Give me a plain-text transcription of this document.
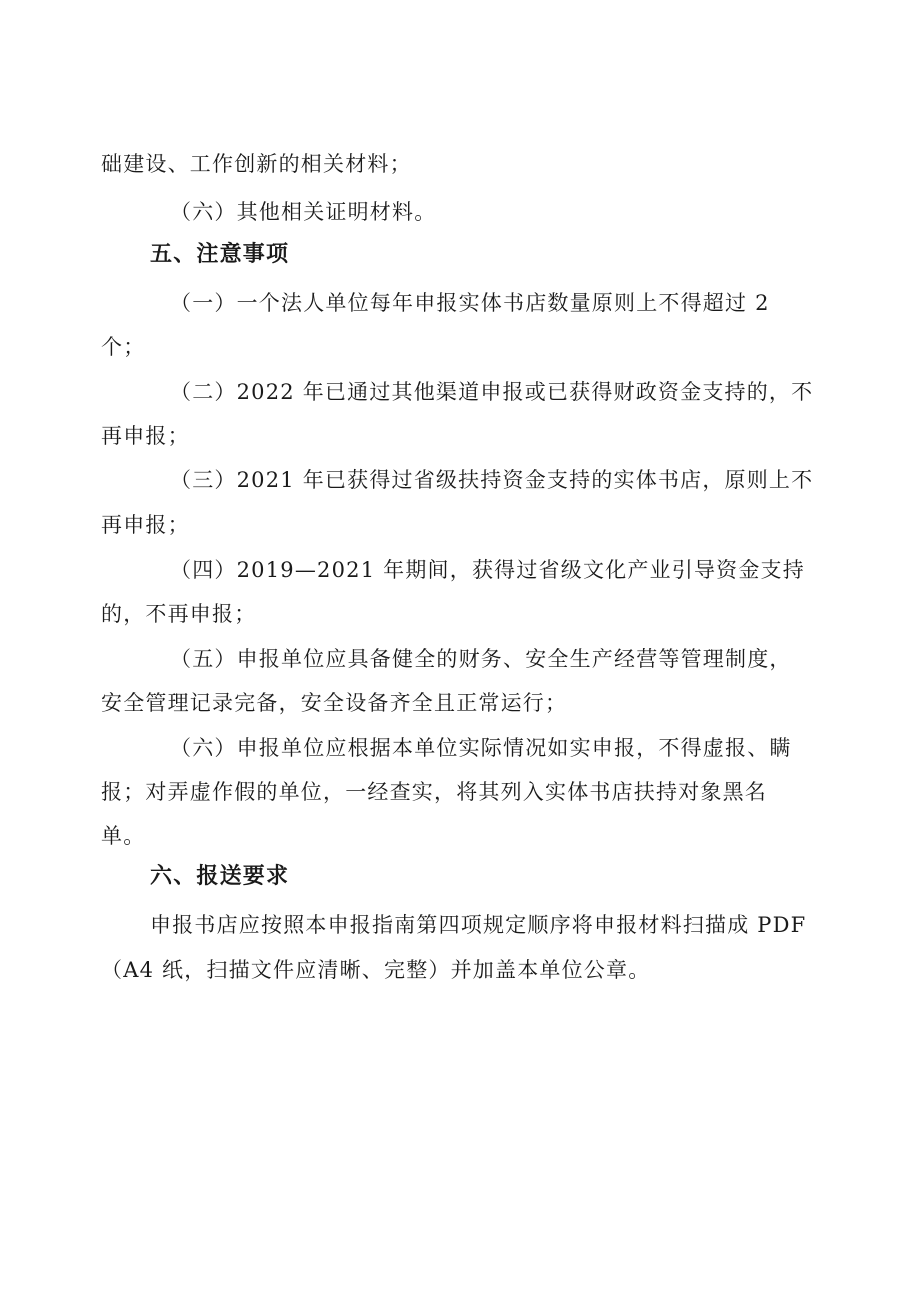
础建设、工作创新的相关材料；
（六）其他相关证明材料。
五、注意事项
（一）一个法人单位每年申报实体书店数量原则上不得超过 2
个；
（二）2022 年已通过其他渠道申报或已获得财政资金支持的，不
再申报；
（三）2021 年已获得过省级扶持资金支持的实体书店，原则上不
再申报；
（四）2019—2021 年期间，获得过省级文化产业引导资金支持
的，不再申报；
（五）申报单位应具备健全的财务、安全生产经营等管理制度，
安全管理记录完备，安全设备齐全且正常运行；
（六）申报单位应根据本单位实际情况如实申报，不得虚报、瞒
报；对弄虚作假的单位，一经查实，将其列入实体书店扶持对象黑名
单。
六、报送要求
申报书店应按照本申报指南第四项规定顺序将申报材料扫描成 PDF
（A4 纸，扫描文件应清晰、完整）并加盖本单位公章。
